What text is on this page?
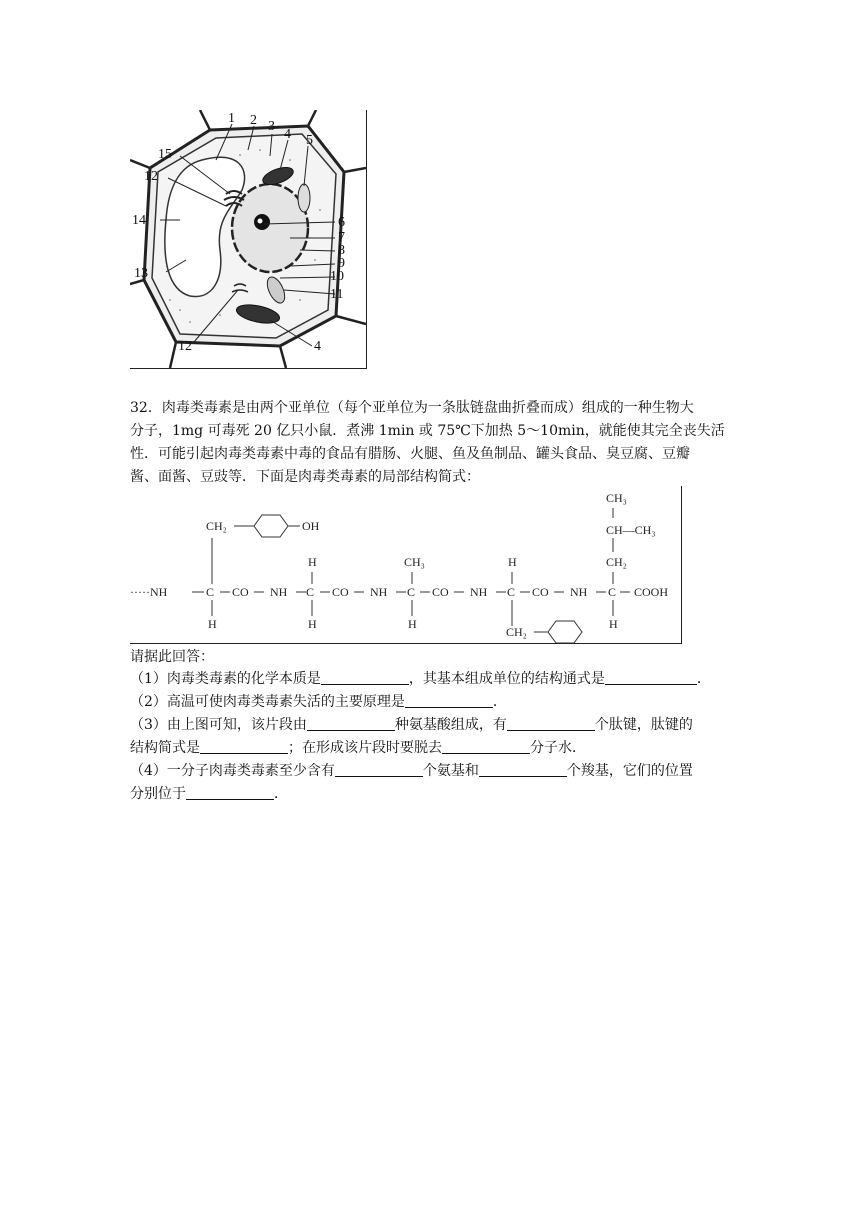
1 2 3
4 5
15
12
14	6
7
8
9
10
11
13
12	4

32．肉毒类毒素是由两个亚单位（每个亚单位为一条肽链盘曲折叠而成）组成的一种生物大

分子，1mg 可毒死 20 亿只小鼠．煮沸 1min 或 75℃下加热 5～10min，就能使其完全丧失活

性．可能引起肉毒类毒素中毒的食品有腊肠、火腿、鱼及鱼制品、罐头食品、臭豆腐、豆瓣

酱、面酱、豆豉等．下面是肉毒类毒素的局部结构简式：

·····NH	C CO NH C CO NH C CO NH C CO NH C COOH
CH₂
H	CH₃	H	CH₂
OH
CH₃
CH—CH₃
H	H	H
CH₂
H

请据此回答：

（1）肉毒类毒素的化学本质是	，其基本组成单位的结构通式是	．

（2）高温可使肉毒类毒素失活的主要原理是	．

（3）由上图可知，该片段由	种氨基酸组成，有	个肽键，肽键的

结构简式是	；在形成该片段时要脱去	分子水．

（4）一分子肉毒类毒素至少含有	个氨基和	个羧基，它们的位置

分别位于	．
